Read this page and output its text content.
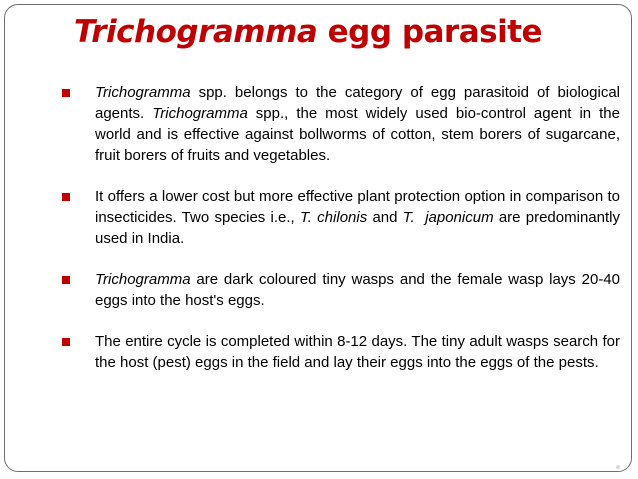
Trichogramma egg parasite
Trichogramma spp. belongs to the category of egg parasitoid of biological agents. Trichogramma spp., the most widely used bio-control agent in the world and is effective against bollworms of cotton, stem borers of sugarcane, fruit borers of fruits and vegetables.
It offers a lower cost but more effective plant protection option in comparison to insecticides. Two species i.e., T. chilonis and T.  japonicum are predominantly used in India.
Trichogramma are dark coloured tiny wasps and the female wasp lays 20-40 eggs into the host's eggs.
The entire cycle is completed within 8-12 days. The tiny adult wasps search for the host (pest) eggs in the field and lay their eggs into the eggs of the pests.
